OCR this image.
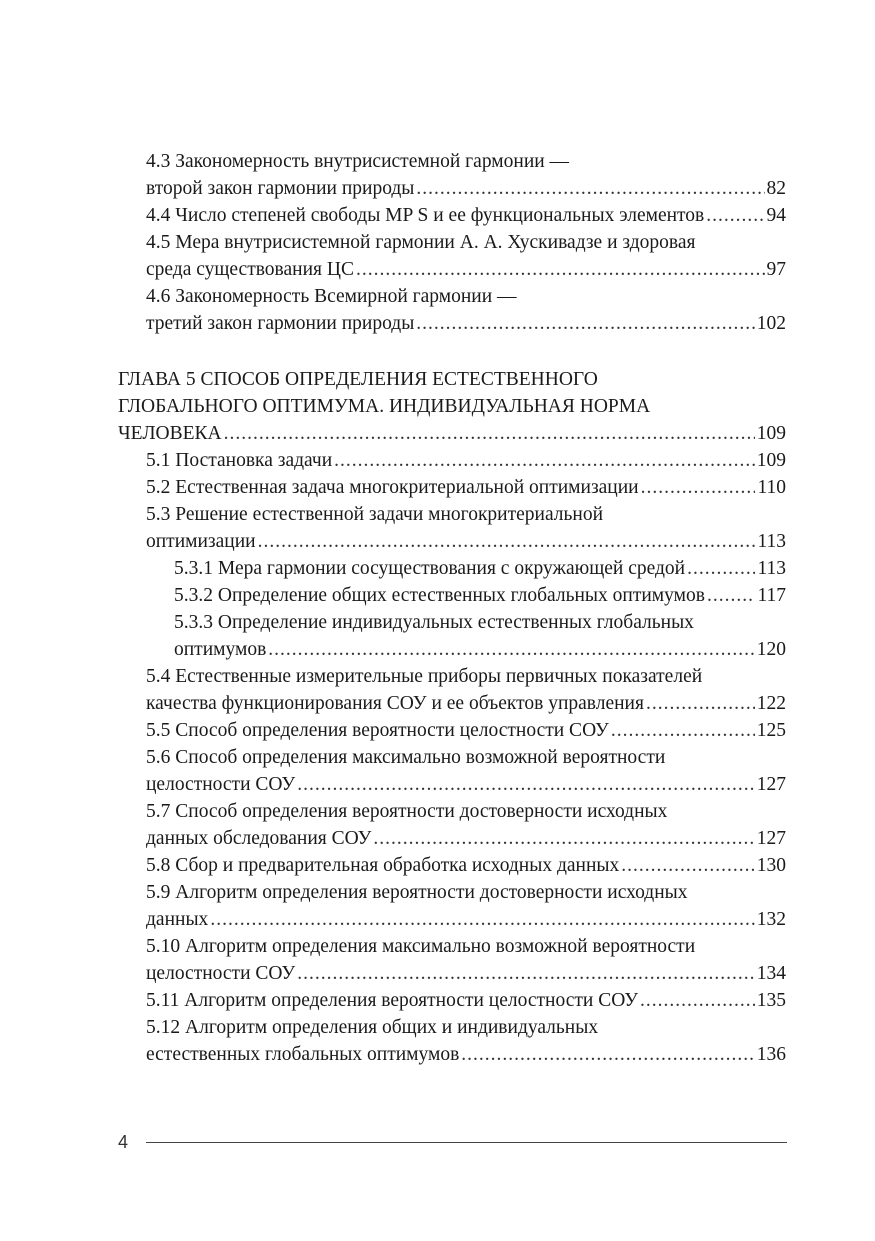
4.3 Закономерность внутрисистемной гармонии —
второй закон гармонии природы .....	82
4.4 Число степеней свободы MP S и ее функциональных элементов .....	94
4.5 Мера внутрисистемной гармонии А. А. Хускивадзе и здоровая
среда существования ЦС .....	97
4.6 Закономерность Всемирной гармонии —
третий закон гармонии природы .....	102
ГЛАВА 5 СПОСОБ ОПРЕДЕЛЕНИЯ ЕСТЕСТВЕННОГО
ГЛОБАЛЬНОГО ОПТИМУМА. ИНДИВИДУАЛЬНАЯ НОРМА
ЧЕЛОВЕКА .....	109
5.1 Постановка задачи .....	109
5.2 Естественная задача многокритериальной оптимизации .....	110
5.3 Решение естественной задачи многокритериальной
оптимизации .....	113
5.3.1 Мера гармонии сосуществования с окружающей средой .....	113
5.3.2 Определение общих естественных глобальных оптимумов .....	117
5.3.3 Определение индивидуальных естественных глобальных
оптимумов .....	120
5.4 Естественные измерительные приборы первичных показателей
качества функционирования СОУ и ее объектов управления .....	122
5.5 Способ определения вероятности целостности СОУ .....	125
5.6 Способ определения максимально возможной вероятности
целостности СОУ .....	127
5.7 Способ определения вероятности достоверности исходных
данных обследования СОУ .....	127
5.8 Сбор и предварительная обработка исходных данных .....	130
5.9 Алгоритм определения вероятности достоверности исходных
данных .....	132
5.10 Алгоритм определения максимально возможной вероятности
целостности СОУ .....	134
5.11 Алгоритм определения вероятности целостности СОУ .....	135
5.12 Алгоритм определения общих и индивидуальных
естественных глобальных оптимумов .....	136
4
